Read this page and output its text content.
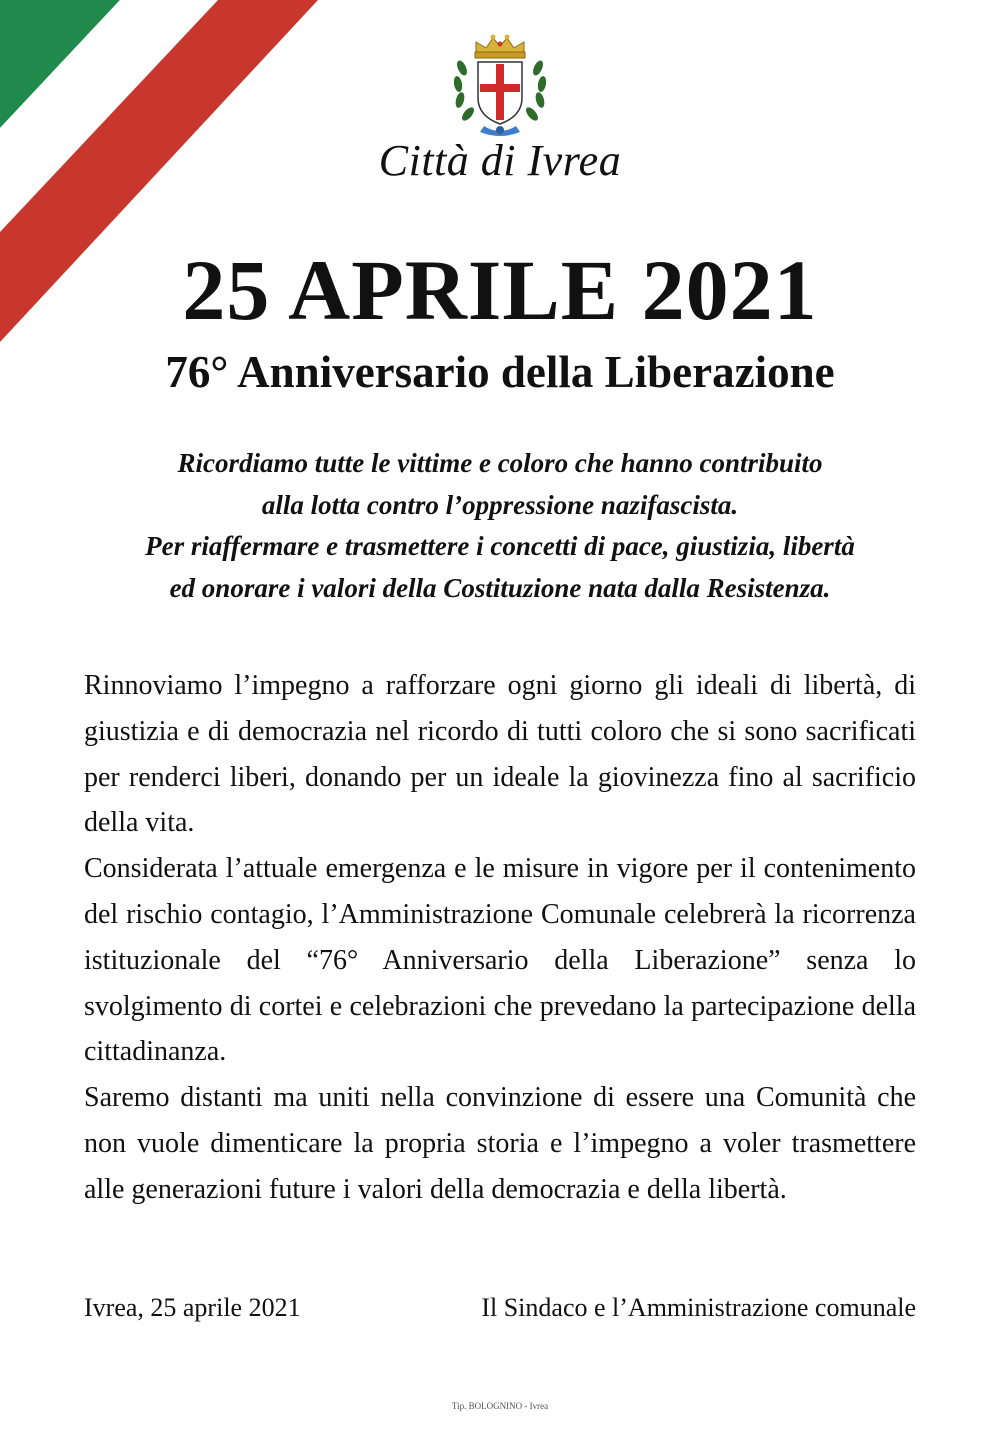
Città di Ivrea
25 APRILE 2021
76° Anniversario della Liberazione
Ricordiamo tutte le vittime e coloro che hanno contribuito
alla lotta contro l’oppressione nazifascista.
Per riaffermare e trasmettere i concetti di pace, giustizia, libertà
ed onorare i valori della Costituzione nata dalla Resistenza.

Rinnoviamo l’impegno a rafforzare ogni giorno gli ideali di libertà, di giustizia e di democrazia nel ricordo di tutti coloro che si sono sacrificati per renderci liberi, donando per un ideale la giovinezza fino al sacrificio della vita.

Considerata l’attuale emergenza e le misure in vigore per il contenimento del rischio contagio, l’Amministrazione Comunale celebrerà la ricorrenza istituzionale del “76° Anniversario della Liberazione” senza lo svolgimento di cortei e celebrazioni che prevedano la partecipazione della cittadinanza.

Saremo distanti ma uniti nella convinzione di essere una Comunità che non vuole dimenticare la propria storia e l’impegno a voler trasmettere alle generazioni future i valori della democrazia e della libertà.

Ivrea, 25 aprile 2021	Il Sindaco e l’Amministrazione comunale
Tip. BOLOGNINO - Ivrea
